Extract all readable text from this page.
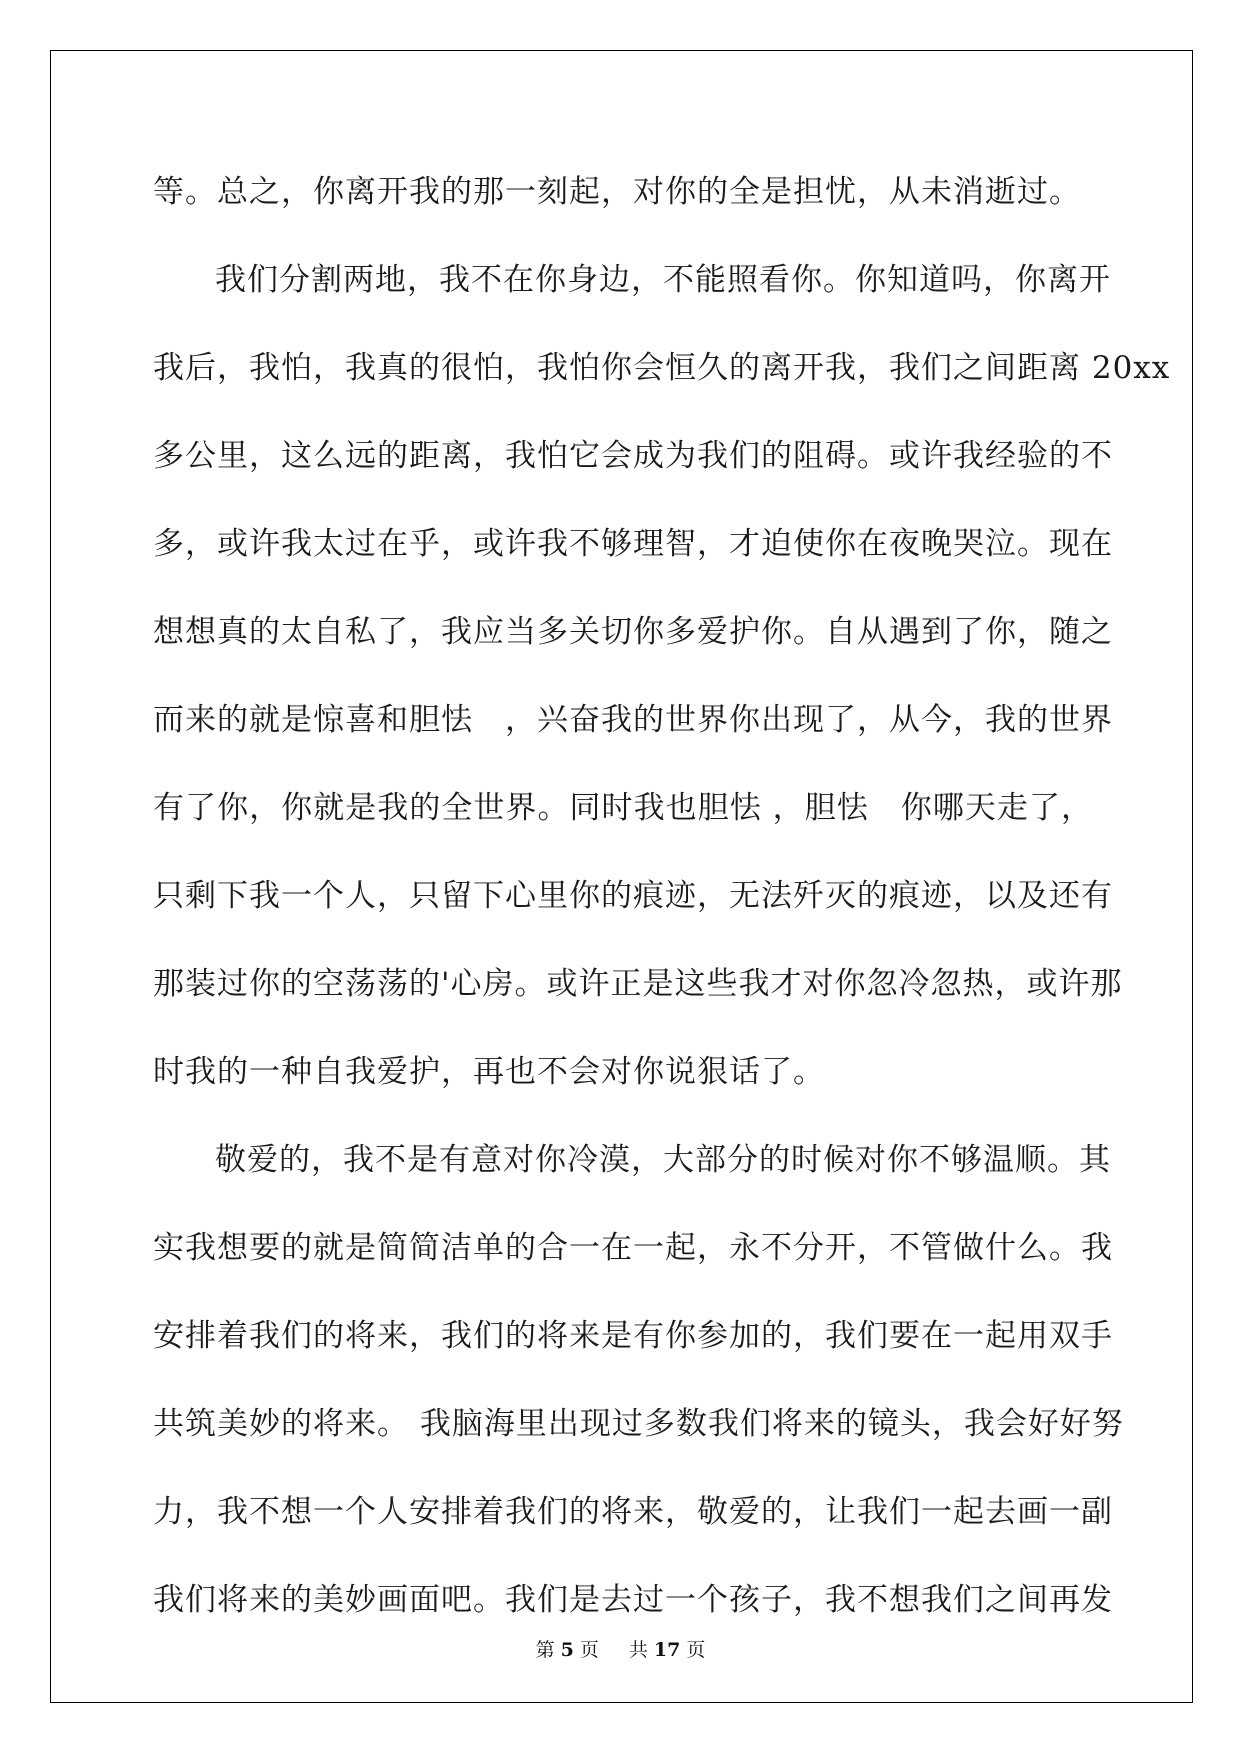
等。总之，你离开我的那一刻起，对你的全是担忧，从未消逝过。
我们分割两地，我不在你身边，不能照看你。你知道吗，你离开
我后，我怕，我真的很怕，我怕你会恒久的离开我，我们之间距离 20xx
多公里，这么远的距离，我怕它会成为我们的阻碍。或许我经验的不
多，或许我太过在乎，或许我不够理智，才迫使你在夜晚哭泣。现在
想想真的太自私了，我应当多关切你多爱护你。自从遇到了你，随之
而来的就是惊喜和胆怯　，兴奋我的世界你出现了，从今，我的世界
有了你，你就是我的全世界。同时我也胆怯 ，胆怯　你哪天走了，
只剩下我一个人，只留下心里你的痕迹，无法歼灭的痕迹，以及还有
那装过你的空荡荡的'心房。或许正是这些我才对你忽冷忽热，或许那
时我的一种自我爱护，再也不会对你说狠话了。
敬爱的，我不是有意对你冷漠，大部分的时候对你不够温顺。其
实我想要的就是简简洁单的合一在一起，永不分开，不管做什么。我
安排着我们的将来，我们的将来是有你参加的，我们要在一起用双手
共筑美妙的将来。 我脑海里出现过多数我们将来的镜头，我会好好努
力，我不想一个人安排着我们的将来，敬爱的，让我们一起去画一副
我们将来的美妙画面吧。我们是去过一个孩子，我不想我们之间再发
第 5 页 共 17 页
